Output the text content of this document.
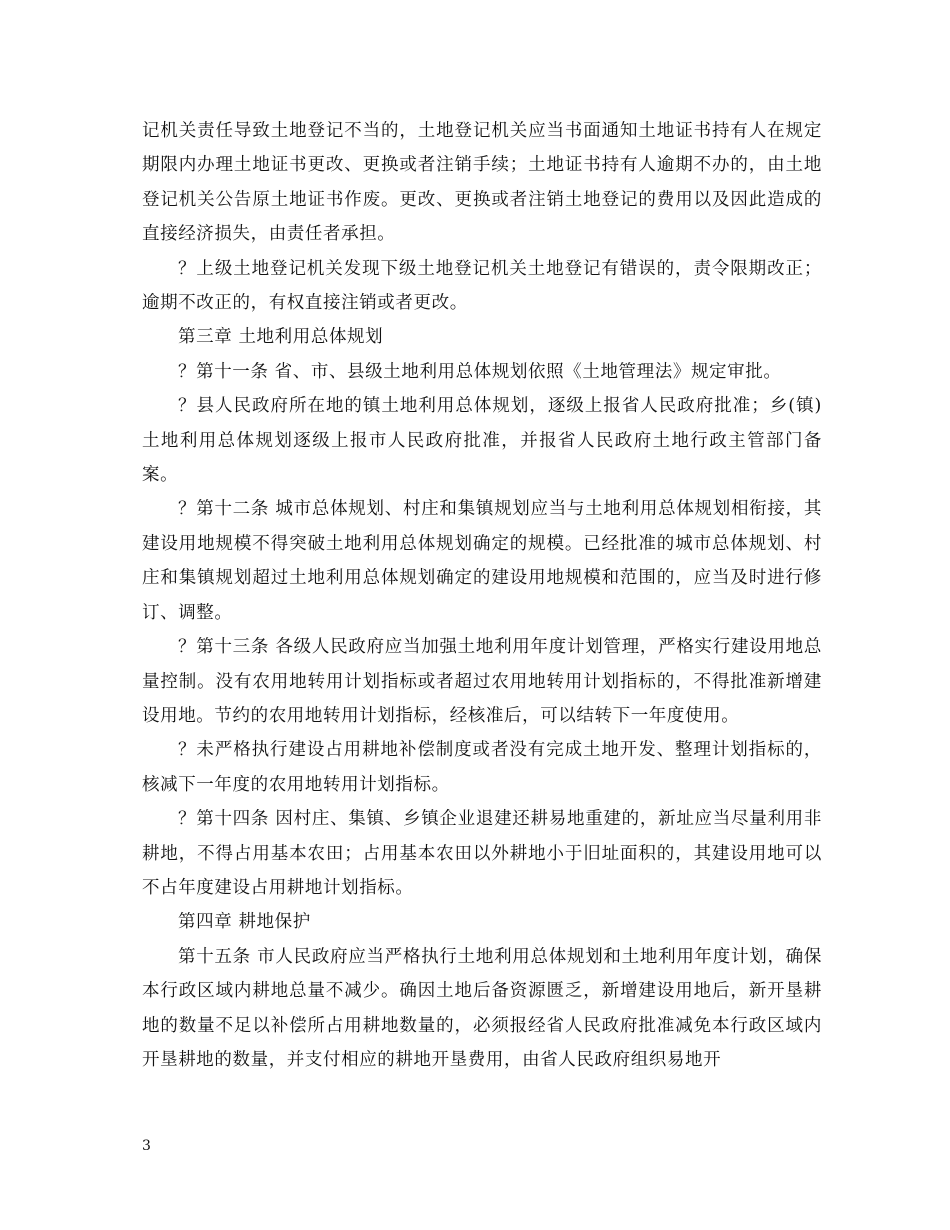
记机关责任导致土地登记不当的，土地登记机关应当书面通知土地证书持有人在规定期限内办理土地证书更改、更换或者注销手续；土地证书持有人逾期不办的，由土地登记机关公告原土地证书作废。更改、更换或者注销土地登记的费用以及因此造成的直接经济损失，由责任者承担。

？上级土地登记机关发现下级土地登记机关土地登记有错误的，责令限期改正；逾期不改正的，有权直接注销或者更改。

第三章 土地利用总体规划

？第十一条 省、市、县级土地利用总体规划依照《土地管理法》规定审批。

？县人民政府所在地的镇土地利用总体规划，逐级上报省人民政府批准；乡(镇)土地利用总体规划逐级上报市人民政府批准，并报省人民政府土地行政主管部门备案。

？第十二条 城市总体规划、村庄和集镇规划应当与土地利用总体规划相衔接，其建设用地规模不得突破土地利用总体规划确定的规模。已经批准的城市总体规划、村庄和集镇规划超过土地利用总体规划确定的建设用地规模和范围的，应当及时进行修订、调整。

？第十三条 各级人民政府应当加强土地利用年度计划管理，严格实行建设用地总量控制。没有农用地转用计划指标或者超过农用地转用计划指标的，不得批准新增建设用地。节约的农用地转用计划指标，经核准后，可以结转下一年度使用。

？未严格执行建设占用耕地补偿制度或者没有完成土地开发、整理计划指标的，核减下一年度的农用地转用计划指标。

？第十四条 因村庄、集镇、乡镇企业退建还耕易地重建的，新址应当尽量利用非耕地，不得占用基本农田；占用基本农田以外耕地小于旧址面积的，其建设用地可以 不占年度建设占用耕地计划指标。

第四章 耕地保护

第十五条 市人民政府应当严格执行土地利用总体规划和土地利用年度计划，确保本行政区域内耕地总量不减少。确因土地后备资源匮乏，新增建设用地后，新开垦耕地的数量不足以补偿所占用耕地数量的，必须报经省人民政府批准减免本行政区域内开垦耕地的数量，并支付相应的耕地开垦费用，由省人民政府组织易地开

3
